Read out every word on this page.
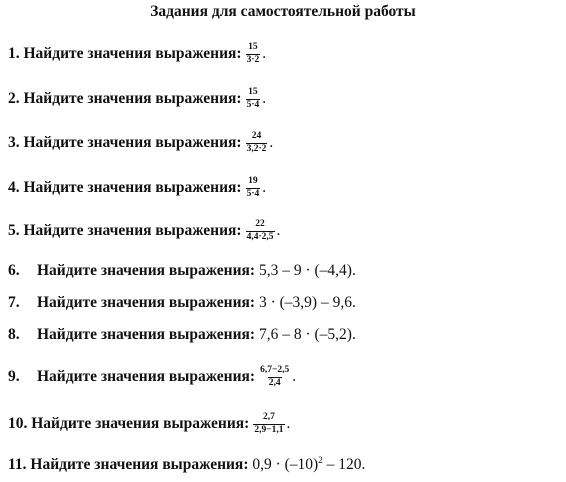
Задания для самостоятельной работы
1.
Найдите значения выражения: $\frac{15}{3\cdot 2}$ .
2.
Найдите значения выражения: $\frac{15}{5\cdot 4}$ .
3.
Найдите значения выражения: $\frac{24}{3,2\cdot 2}$ .
4.
Найдите значения выражения: $\frac{19}{5\cdot 4}$ .
5.
Найдите значения выражения: $\frac{22}{4,4\cdot 2,5}$ .
6.	Найдите значения выражения:
5,3 – 9 · (–4,4).
7.	Найдите значения выражения:
3 · (–3,9) – 9,6.
8.	Найдите значения выражения:
7,6 – 8 · (–5,2).
9.	Найдите значения выражения: $\frac{6,7-2,5}{2,4}$ .
10.
Найдите значения выражения: $\frac{2,7}{2,9-1,1}$ .
11.
Найдите значения выражения:
$0,9 \cdot (-10)^2 - 120$.
